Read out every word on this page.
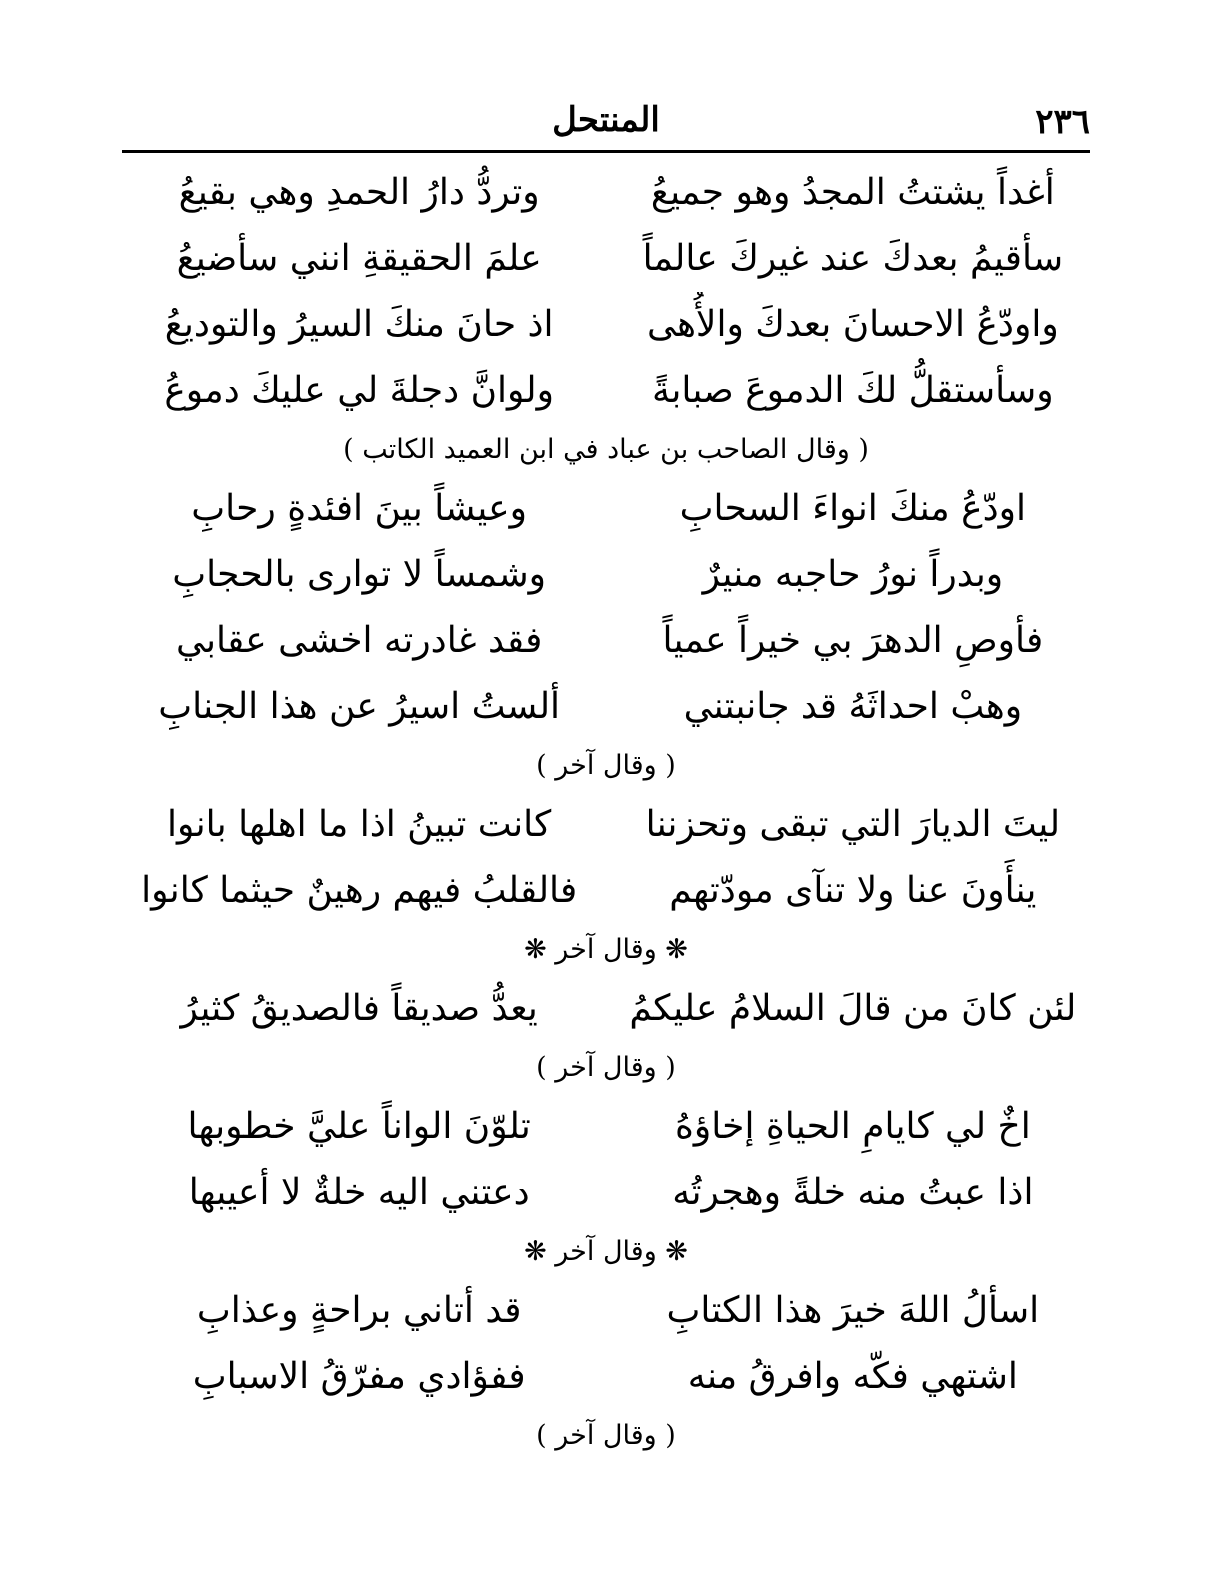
٢٣٦
المنتحل
أغداً يشتتُ المجدُ وهو جميعُ
وتردُّ دارُ الحمدِ وهي بقيعُ
سأقيمُ بعدكَ عند غيركَ عالماً
علمَ الحقيقةِ انني سأضيعُ
واودّعُ الاحسانَ بعدكَ والأُهى
اذ حانَ منكَ السيرُ والتوديعُ
وسأستقلُّ لكَ الدموعَ صبابةً
ولوانَّ دجلةَ لي عليكَ دموعُ
( وقال الصاحب بن عباد في ابن العميد الكاتب )
اودّعُ منكَ انواءَ السحابِ
وعيشاً بينَ افئدةٍ رحابِ
وبدراً نورُ حاجبه منيرٌ
وشمساً لا توارى بالحجابِ
فأوصِ الدهرَ بي خيراً عمياً
فقد غادرته اخشى عقابي
وهبْ احداثَهُ قد جانبتني
ألستُ اسيرُ عن هذا الجنابِ
( وقال آخر )
ليتَ الديارَ التي تبقى وتحزننا
كانت تبينُ اذا ما اهلها بانوا
ينأَونَ عنا ولا تنآى مودّتهم
فالقلبُ فيهم رهينٌ حيثما كانوا
❋ وقال آخر ❋
لئن كانَ من قالَ السلامُ عليكمُ
يعدُّ صديقاً فالصديقُ كثيرُ
( وقال آخر )
اخٌ لي كايامِ الحياةِ إخاؤهُ
تلوّنَ الواناً عليَّ خطوبها
اذا عبتُ منه خلةً وهجرتُه
دعتني اليه خلةٌ لا أعيبها
❋ وقال آخر ❋
اسألُ اللهَ خيرَ هذا الكتابِ
قد أتاني براحةٍ وعذابِ
اشتهي فكّه وافرقُ منه
ففؤادي مفرّقُ الاسبابِ
( وقال آخر )
